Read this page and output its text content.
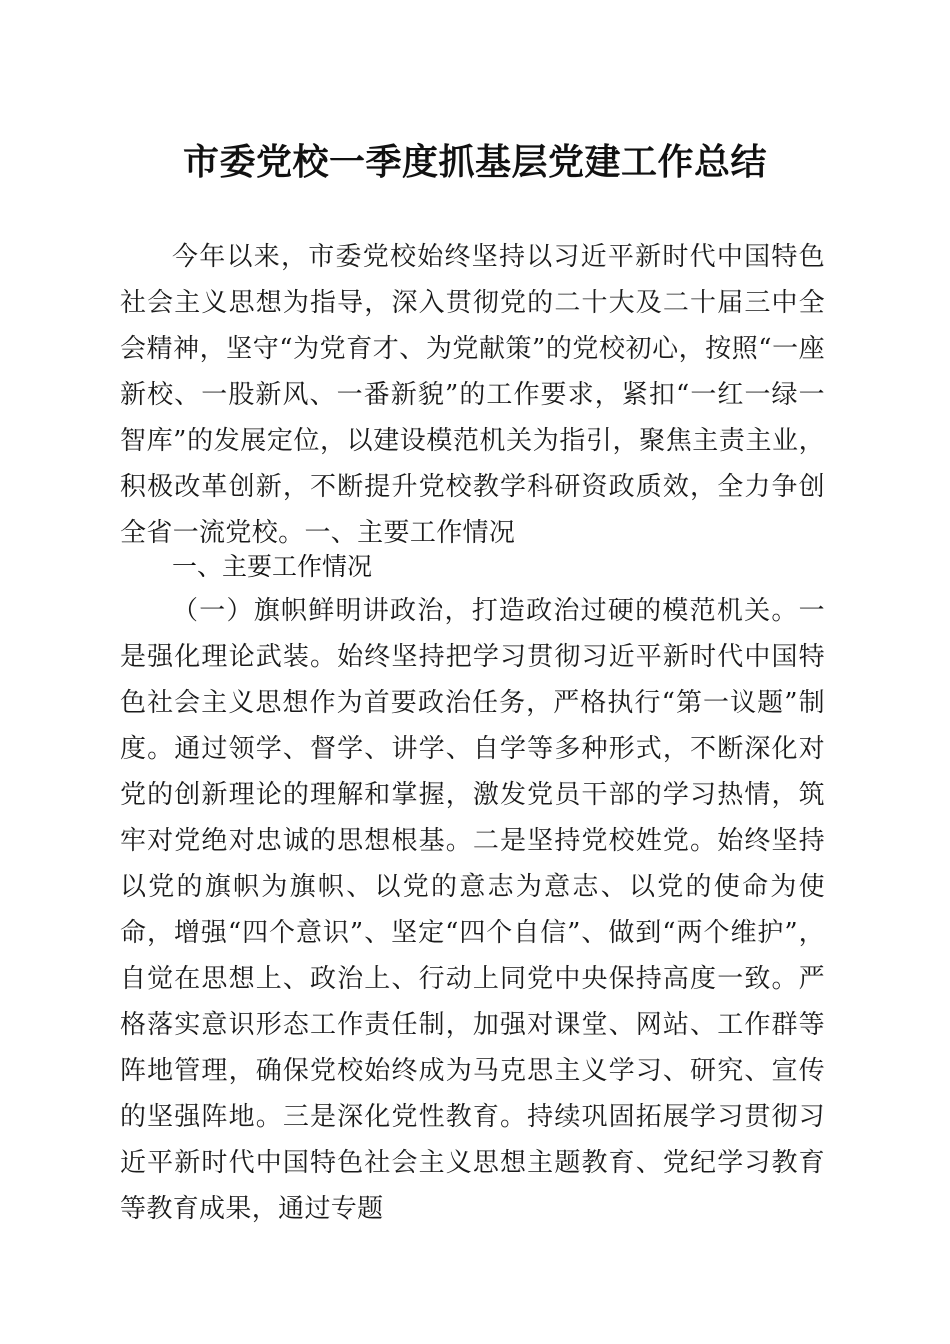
市委党校一季度抓基层党建工作总结
今年以来，市委党校始终坚持以习近平新时代中国特色社会主义思想为指导，深入贯彻党的二十大及二十届三中全会精神，坚守“为党育才、为党献策”的党校初心，按照“一座新校、一股新风、一番新貌”的工作要求，紧扣“一红一绿一智库”的发展定位，以建设模范机关为指引，聚焦主责主业，积极改革创新，不断提升党校教学科研资政质效，全力争创全省一流党校。一、主要工作情况
一、主要工作情况
（一）旗帜鲜明讲政治，打造政治过硬的模范机关。一是强化理论武装。始终坚持把学习贯彻习近平新时代中国特色社会主义思想作为首要政治任务，严格执行“第一议题”制度。通过领学、督学、讲学、自学等多种形式，不断深化对党的创新理论的理解和掌握，激发党员干部的学习热情，筑牢对党绝对忠诚的思想根基。二是坚持党校姓党。始终坚持以党的旗帜为旗帜、以党的意志为意志、以党的使命为使命，增强“四个意识”、坚定“四个自信”、做到“两个维护”，自觉在思想上、政治上、行动上同党中央保持高度一致。严格落实意识形态工作责任制，加强对课堂、网站、工作群等阵地管理，确保党校始终成为马克思主义学习、研究、宣传的坚强阵地。三是深化党性教育。持续巩固拓展学习贯彻习近平新时代中国特色社会主义思想主题教育、党纪学习教育等教育成果，通过专题
